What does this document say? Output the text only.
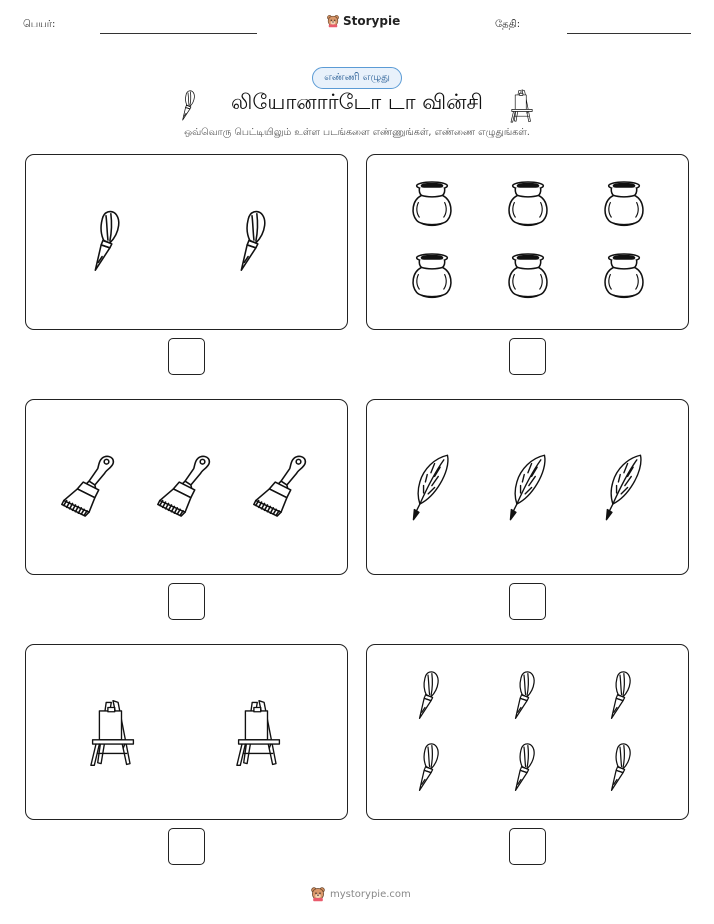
பெயர்:	Storypie	தேதி:
எண்ணி எழுது
லியோனார்டோ டா வின்சி
ஒவ்வொரு பெட்டியிலும் உள்ள படங்களை எண்ணுங்கள், எண்ணை எழுதுங்கள்.
mystorypie.com
